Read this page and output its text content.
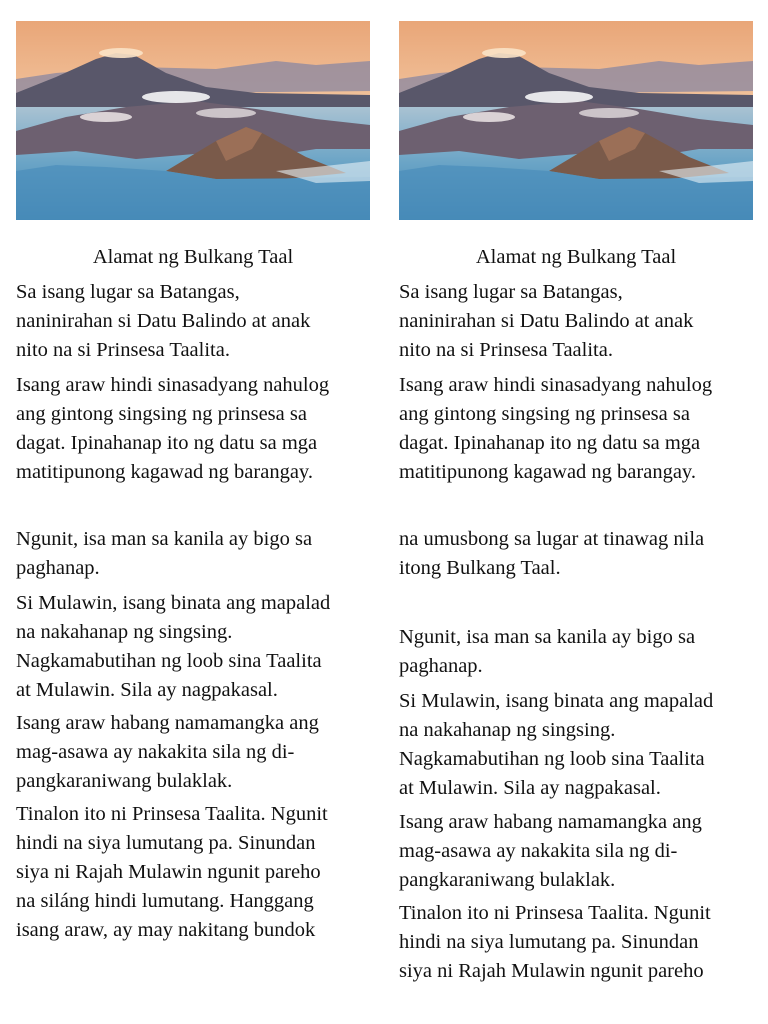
Alamat ng Bulkang Taal

Sa isang lugar sa Batangas,
naninirahan si Datu Balindo at anak
nito na si Prinsesa Taalita.

Isang araw hindi sinasadyang nahulog
ang gintong singsing ng prinsesa sa
dagat. Ipinahanap ito ng datu sa mga
matitipunong kagawad ng barangay.

Ngunit, isa man sa kanila ay bigo sa
paghanap.

Si Mulawin, isang binata ang mapalad
na nakahanap ng singsing.
Nagkamabutihan ng loob sina Taalita
at Mulawin. Sila ay nagpakasal.

Isang araw habang namamangka ang
mag-asawa ay nakakita sila ng di-
pangkaraniwang bulaklak.

Tinalon ito ni Prinsesa Taalita. Ngunit
hindi na siya lumutang pa. Sinundan
siya ni Rajah Mulawin ngunit pareho
na siláng hindi lumutang. Hanggang
isang araw, ay may nakitang bundok

Alamat ng Bulkang Taal

Sa isang lugar sa Batangas,
naninirahan si Datu Balindo at anak
nito na si Prinsesa Taalita.

Isang araw hindi sinasadyang nahulog
ang gintong singsing ng prinsesa sa
dagat. Ipinahanap ito ng datu sa mga
matitipunong kagawad ng barangay.

na umusbong sa lugar at tinawag nila
itong Bulkang Taal.

Ngunit, isa man sa kanila ay bigo sa
paghanap.

Si Mulawin, isang binata ang mapalad
na nakahanap ng singsing.
Nagkamabutihan ng loob sina Taalita
at Mulawin. Sila ay nagpakasal.

Isang araw habang namamangka ang
mag-asawa ay nakakita sila ng di-
pangkaraniwang bulaklak.

Tinalon ito ni Prinsesa Taalita. Ngunit
hindi na siya lumutang pa. Sinundan
siya ni Rajah Mulawin ngunit pareho
